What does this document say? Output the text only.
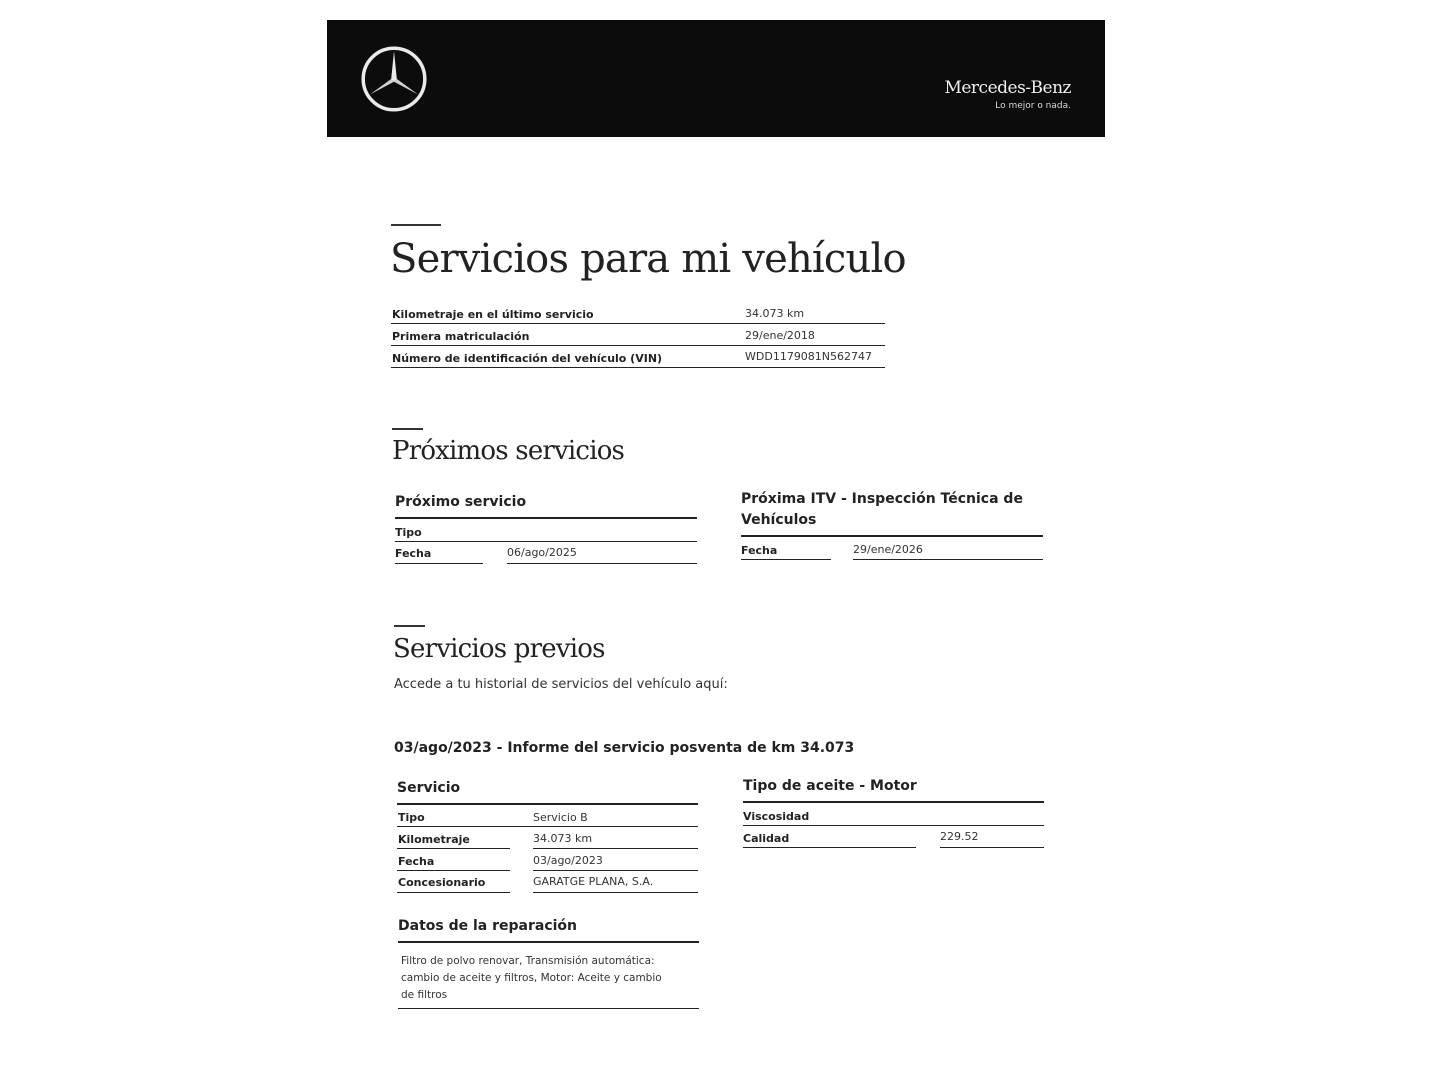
Mercedes-Benz
Lo mejor o nada.
Servicios para mi vehículo
Kilometraje en el último servicio	34.073 km
Primera matriculación	29/ene/2018
Número de identificación del vehículo (VIN)	WDD1179081N562747
Próximos servicios
Próximo servicio
Tipo
Fecha	06/ago/2025
Próxima ITV - Inspección Técnica de
Vehículos
Fecha	29/ene/2026
Servicios previos
Accede a tu historial de servicios del vehículo aquí:
03/ago/2023 - Informe del servicio posventa de km 34.073
Servicio
Tipo	Servicio B
Kilometraje	34.073 km
Fecha	03/ago/2023
Concesionario	GARATGE PLANA, S.A.
Tipo de aceite - Motor
Viscosidad
Calidad	229.52
Datos de la reparación
Filtro de polvo renovar, Transmisión automática:
cambio de aceite y filtros, Motor: Aceite y cambio
de filtros
